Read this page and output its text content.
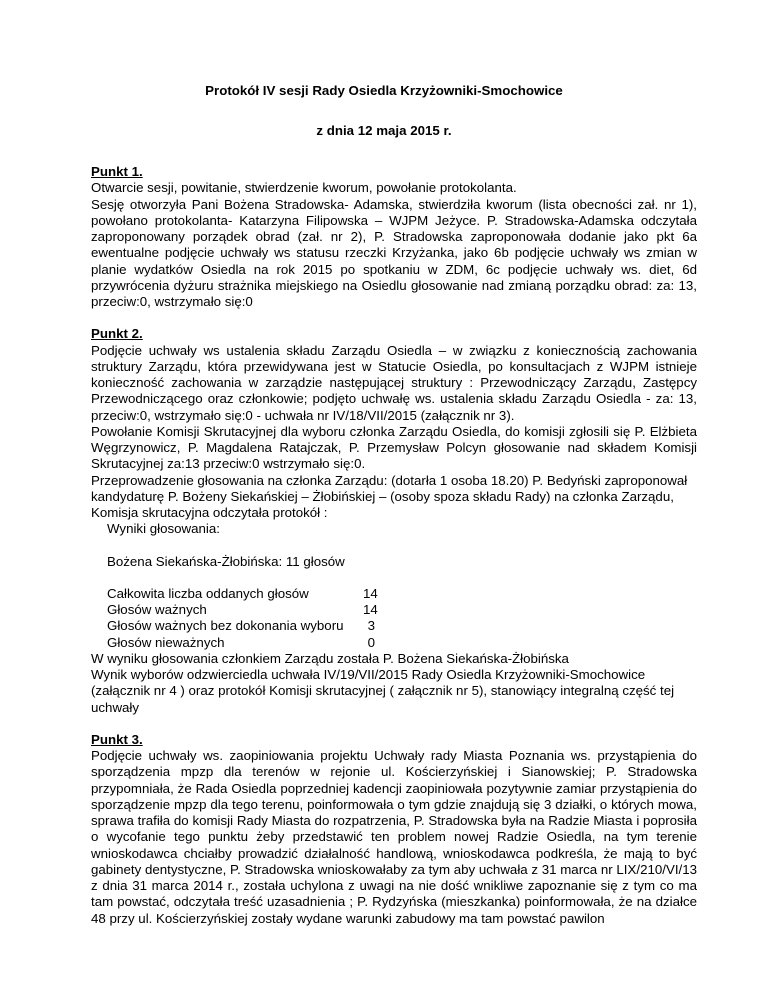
Protokół IV sesji Rady Osiedla Krzyżowniki-Smochowice
z dnia 12 maja 2015 r.

Punkt 1.

Otwarcie sesji, powitanie, stwierdzenie kworum, powołanie protokolanta.

Sesję otworzyła Pani Bożena Stradowska- Adamska, stwierdziła kworum (lista obecności zał. nr 1), powołano protokolanta- Katarzyna Filipowska – WJPM Jeżyce. P. Stradowska-Adamska odczytała zaproponowany porządek obrad (zał. nr 2), P. Stradowska zaproponowała dodanie jako pkt 6a ewentualne podjęcie uchwały ws statusu rzeczki Krzyżanka, jako 6b podjęcie uchwały ws zmian w planie wydatków Osiedla na rok 2015 po spotkaniu w ZDM, 6c podjęcie uchwały ws. diet, 6d przywrócenia dyżuru strażnika miejskiego na Osiedlu głosowanie nad zmianą porządku obrad: za: 13, przeciw:0, wstrzymało się:0

Punkt 2.

Podjęcie uchwały ws ustalenia składu Zarządu Osiedla – w związku z koniecznością zachowania struktury Zarządu, która przewidywana jest w Statucie Osiedla, po konsultacjach z WJPM istnieje konieczność zachowania w zarządzie następującej struktury : Przewodniczący Zarządu, Zastępcy Przewodniczącego oraz członkowie; podjęto uchwałę ws. ustalenia składu Zarządu Osiedla - za: 13, przeciw:0, wstrzymało się:0 - uchwała nr IV/18/VII/2015 (załącznik nr 3).

Powołanie Komisji Skrutacyjnej dla wyboru członka Zarządu Osiedla, do komisji zgłosili się P. Elżbieta Węgrzynowicz, P. Magdalena Ratajczak, P. Przemysław Polcyn głosowanie nad składem Komisji Skrutacyjnej za:13 przeciw:0 wstrzymało się:0.

Przeprowadzenie głosowania na członka Zarządu: (dotarła 1 osoba 18.20) P. Bedyński zaproponował

kandydaturę P. Bożeny Siekańskiej – Żłobińskiej – (osoby spoza składu Rady) na członka Zarządu,

Komisja skrutacyjna odczytała protokół :

Wyniki głosowania:

Bożena Siekańska-Żłobińska: 11 głosów

Całkowita liczba oddanych głosów	14
Głosów ważnych	14
Głosów ważnych bez dokonania wyboru	3
Głosów nieważnych	0

W wyniku głosowania członkiem Zarządu została P. Bożena Siekańska-Żłobińska

Wynik wyborów odzwierciedla uchwała IV/19/VII/2015 Rady Osiedla Krzyżowniki-Smochowice

(załącznik nr 4 ) oraz protokół Komisji skrutacyjnej ( załącznik nr 5), stanowiący integralną część tej

uchwały

Punkt 3.

Podjęcie uchwały ws. zaopiniowania projektu Uchwały rady Miasta Poznania ws. przystąpienia do sporządzenia mpzp dla terenów w rejonie ul. Kościerzyńskiej i Sianowskiej; P. Stradowska przypomniała, że Rada Osiedla poprzedniej kadencji zaopiniowała pozytywnie zamiar przystąpienia do sporządzenie mpzp dla tego terenu, poinformowała o tym gdzie znajdują się 3 działki, o których mowa, sprawa trafiła do komisji Rady Miasta do rozpatrzenia, P. Stradowska była na Radzie Miasta i poprosiła o wycofanie tego punktu żeby przedstawić ten problem nowej Radzie Osiedla, na tym terenie wnioskodawca chciałby prowadzić działalność handlową, wnioskodawca podkreśla, że mają to być gabinety dentystyczne, P. Stradowska wnioskowałaby za tym aby uchwała z 31 marca nr LIX/210/VI/13 z dnia 31 marca 2014 r., została uchylona z uwagi na nie dość wnikliwe zapoznanie się z tym co ma tam powstać, odczytała treść uzasadnienia ; P. Rydzyńska (mieszkanka) poinformowała, że na działce 48 przy ul. Kościerzyńskiej zostały wydane warunki zabudowy ma tam powstać pawilon
